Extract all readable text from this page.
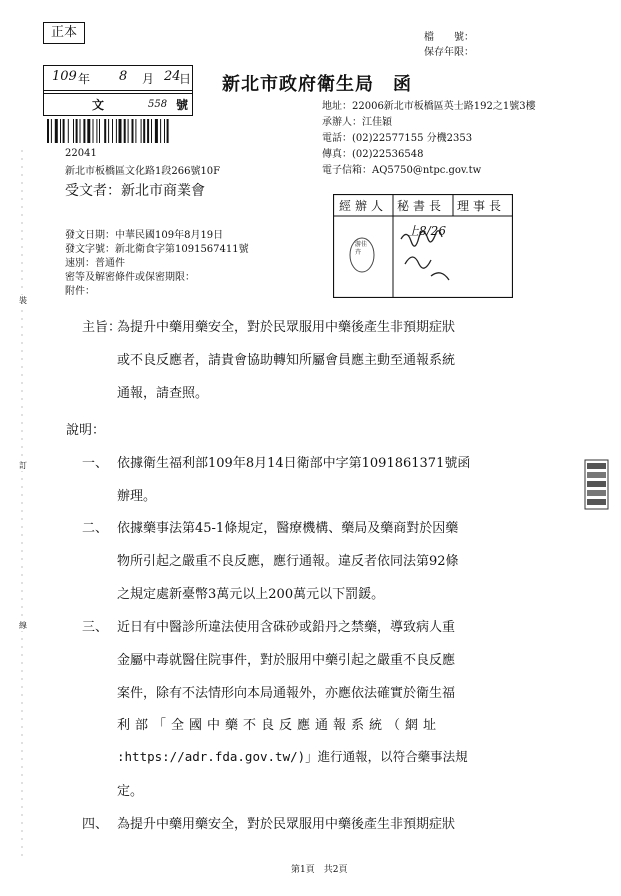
正本	檔　　號：
保存年限：
109 年 8 月 24
日
文	558 號
新北市政府衛生局　函
地址：22006新北市板橋區英士路192之1號3樓
承辦人：江佳穎
電話：(02)22577155 分機2353
傳真：(02)22536548
電子信箱：AQ5750@ntpc.gov.tw
22041
新北市板橋區文化路1段266號10F
受文者：新北市商業會
經辦人 秘書長 理事長
游佳卉
上8/26
發文日期：中華民國109年8月19日
發文字號：新北衛食字第1091567411號
速別：普通件
密等及解密條件或保密期限：
附件：
主旨：
為提升中藥用藥安全，對於民眾服用中藥後產生非預期症狀
或不良反應者，請貴會協助轉知所屬會員應主動至通報系統
通報，請查照。
說明：
一、 依據衛生福利部109年8月14日衛部中字第1091861371號函
辦理。
二、 依據藥事法第45-1條規定，醫療機構、藥局及藥商對於因藥
物所引起之嚴重不良反應，應行通報。違反者依同法第92條
之規定處新臺幣3萬元以上200萬元以下罰鍰。
三、 近日有中醫診所違法使用含硃砂或鉛丹之禁藥，導致病人重
金屬中毒就醫住院事件，對於服用中藥引起之嚴重不良反應
案件，除有不法情形向本局通報外，亦應依法確實於衛生福
利部「全國中藥不良反應通報系統（網址
:https://adr.fda.gov.tw/)」進行通報，以符合藥事法規
定。
四、 為提升中藥用藥安全，對於民眾服用中藥後產生非預期症狀
裝
訂
線
第1頁　共2頁
